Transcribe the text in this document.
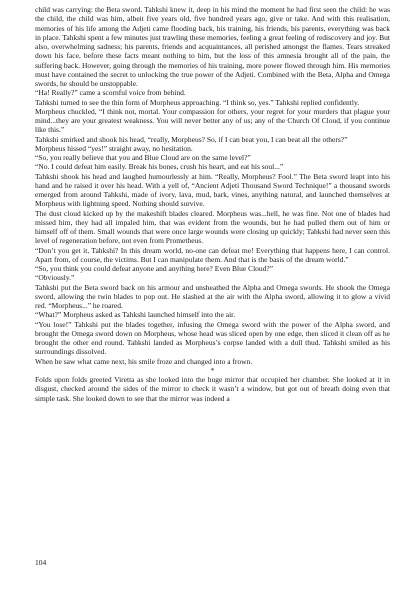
child was carrying: the Beta sword. Tahkshi knew it, deep in his mind the moment he had first seen the child: he was the child, the child was him, albeit five years old, five hundred years ago, give or take. And with this realisation, memories of his life among the Adjeti came flooding back, his training, his friends, his parents, everything was back in place. Tahkshi spent a few minutes just trawling these memories, feeling a great feeling of rediscovery and joy. But also, overwhelming sadness; his parents, friends and acquaintances, all perished amongst the flames. Tears streaked down his face, before these facts meant nothing to him, but the loss of this amnesia brought all of the pain, the suffering back. However, going through the memories of his training, more power flowed through him. His memories must have contained the secret to unlocking the true power of the Adjeti. Combined with the Beta, Alpha and Omega swords, he should be unstoppable.

“Ha! Really?” came a scornful voice from behind.

Tahkshi turned to see the thin form of Morpheus approaching. “I think so, yes.” Tahkshi replied confidently.

Morpheus chuckled, “I think not, mortal. Your compassion for others, your regret for your murders that plague your mind...they are your greatest weakness. You will never better any of us; any of the Church Of Cloud, if you continue like this.”

Tahkshi smirked and shook his head, “really, Morpheus? So, if I can beat you, I can beat all the others?”

Morpheus hissed “yes!” straight away, no hesitation.

“So, you really believe that you and Blue Cloud are on the same level?”

“No. I could defeat him easily. Break his bones, crush his heart, and eat his soul...”

Tahkshi shook his head and laughed humourlessly at him. “Really, Morpheus? Fool.” The Beta sword leapt into his hand and he raised it over his head. With a yell of, “Ancient Adjeti Thousand Sword Technique!” a thousand swords emerged from around Tahkshi, made of ivory, lava, mud, bark, vines, anything natural, and launched themselves at Morpheus with lightning speed. Nothing should survive.

The dust cloud kicked up by the makeshift blades cleared. Morpheus was...hell, he was fine. Not one of blades had missed him, they had all impaled him, that was evident from the wounds, but he had pulled them out of him or himself off of them. Small wounds that were once large wounds were closing up quickly; Tahkshi had never seen this level of regeneration before, not even from Prometheus.

“Don’t you get it, Tahkshi? In this dream world, no-one can defeat me! Everything that happens here, I can control. Apart from, of course, the victims. But I can manipulate them. And that is the basis of the dream world.”

“So, you think you could defeat anyone and anything here? Even Blue Cloud?”

“Obviously.”

Tahkshi put the Beta sword back on his armour and unsheathed the Alpha and Omega swords. He shook the Omega sword, allowing the twin blades to pop out. He slashed at the air with the Alpha sword, allowing it to glow a vivid red. “Morpheus...” he roared.

“What?” Morpheus asked as Tahkshi launched himself into the air.

“You lose!” Tahkshi put the blades together, infusing the Omega sword with the power of the Alpha sword, and brought the Omega sword down on Morpheus, whose head was sliced open by one edge, then sliced it clean off as he brought the other end round. Tahkshi landed as Morpheus’s corpse landed with a dull thud. Tahkshi smiled as his surroundings dissolved.

When he saw what came next, his smile froze and changed into a frown.

*

Folds upon folds greeted Viretta as she looked into the huge mirror that occupied her chamber. She looked at it in disgust, checked around the sides of the mirror to check it wasn’t a window, but got out of breath doing even that simple task. She looked down to see that the mirror was indeed a

104
